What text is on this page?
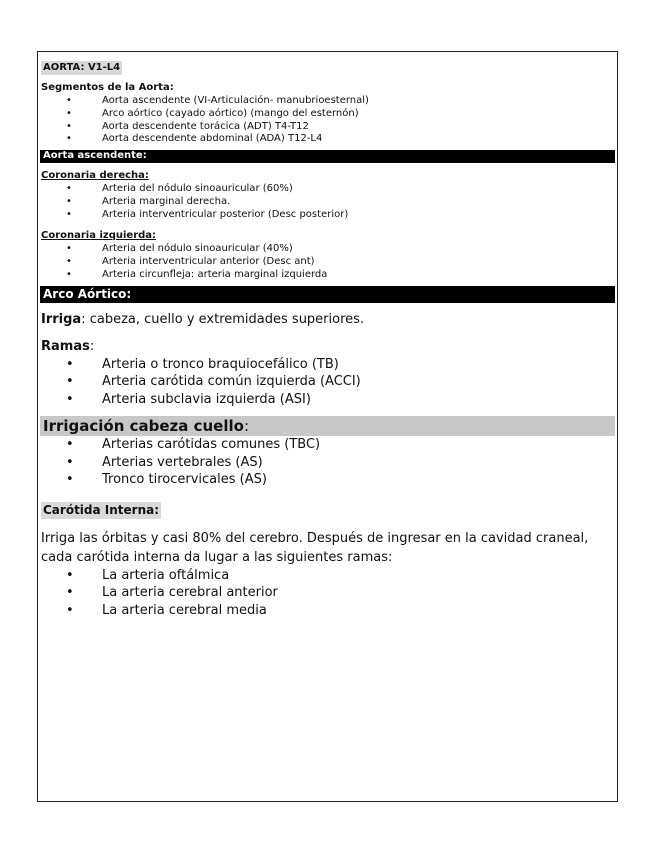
AORTA: V1-L4
Segmentos de la Aorta:
•	Aorta ascendente (VI-Articulación- manubrioesternal)
•	Arco aórtico (cayado aórtico) (mango del esternón)
•	Aorta descendente torácica (ADT) T4-T12
•	Aorta descendente abdominal (ADA) T12-L4
Aorta ascendente:
Coronaria derecha:
•	Arteria del nódulo sinoauricular (60%)
•	Arteria marginal derecha.
•	Arteria interventricular posterior (Desc posterior)
Coronaria izquierda:
•	Arteria del nódulo sinoauricular (40%)
•	Arteria interventricular anterior (Desc ant)
•	Arteria circunfleja: arteria marginal izquierda
Arco Aórtico:
Irriga: cabeza, cuello y extremidades superiores.
Ramas:
• Arteria o tronco braquiocefálico (TB)
• Arteria carótida común izquierda (ACCI)
• Arteria subclavia izquierda (ASI)
Irrigación cabeza cuello:
• Arterias carótidas comunes (TBC)
• Arterias vertebrales (AS)
• Tronco tirocervicales (AS)
Carótida Interna:
Irriga las órbitas y casi 80% del cerebro. Después de ingresar en la cavidad craneal, cada carótida interna da lugar a las siguientes ramas:
• La arteria oftálmica
• La arteria cerebral anterior
• La arteria cerebral media
